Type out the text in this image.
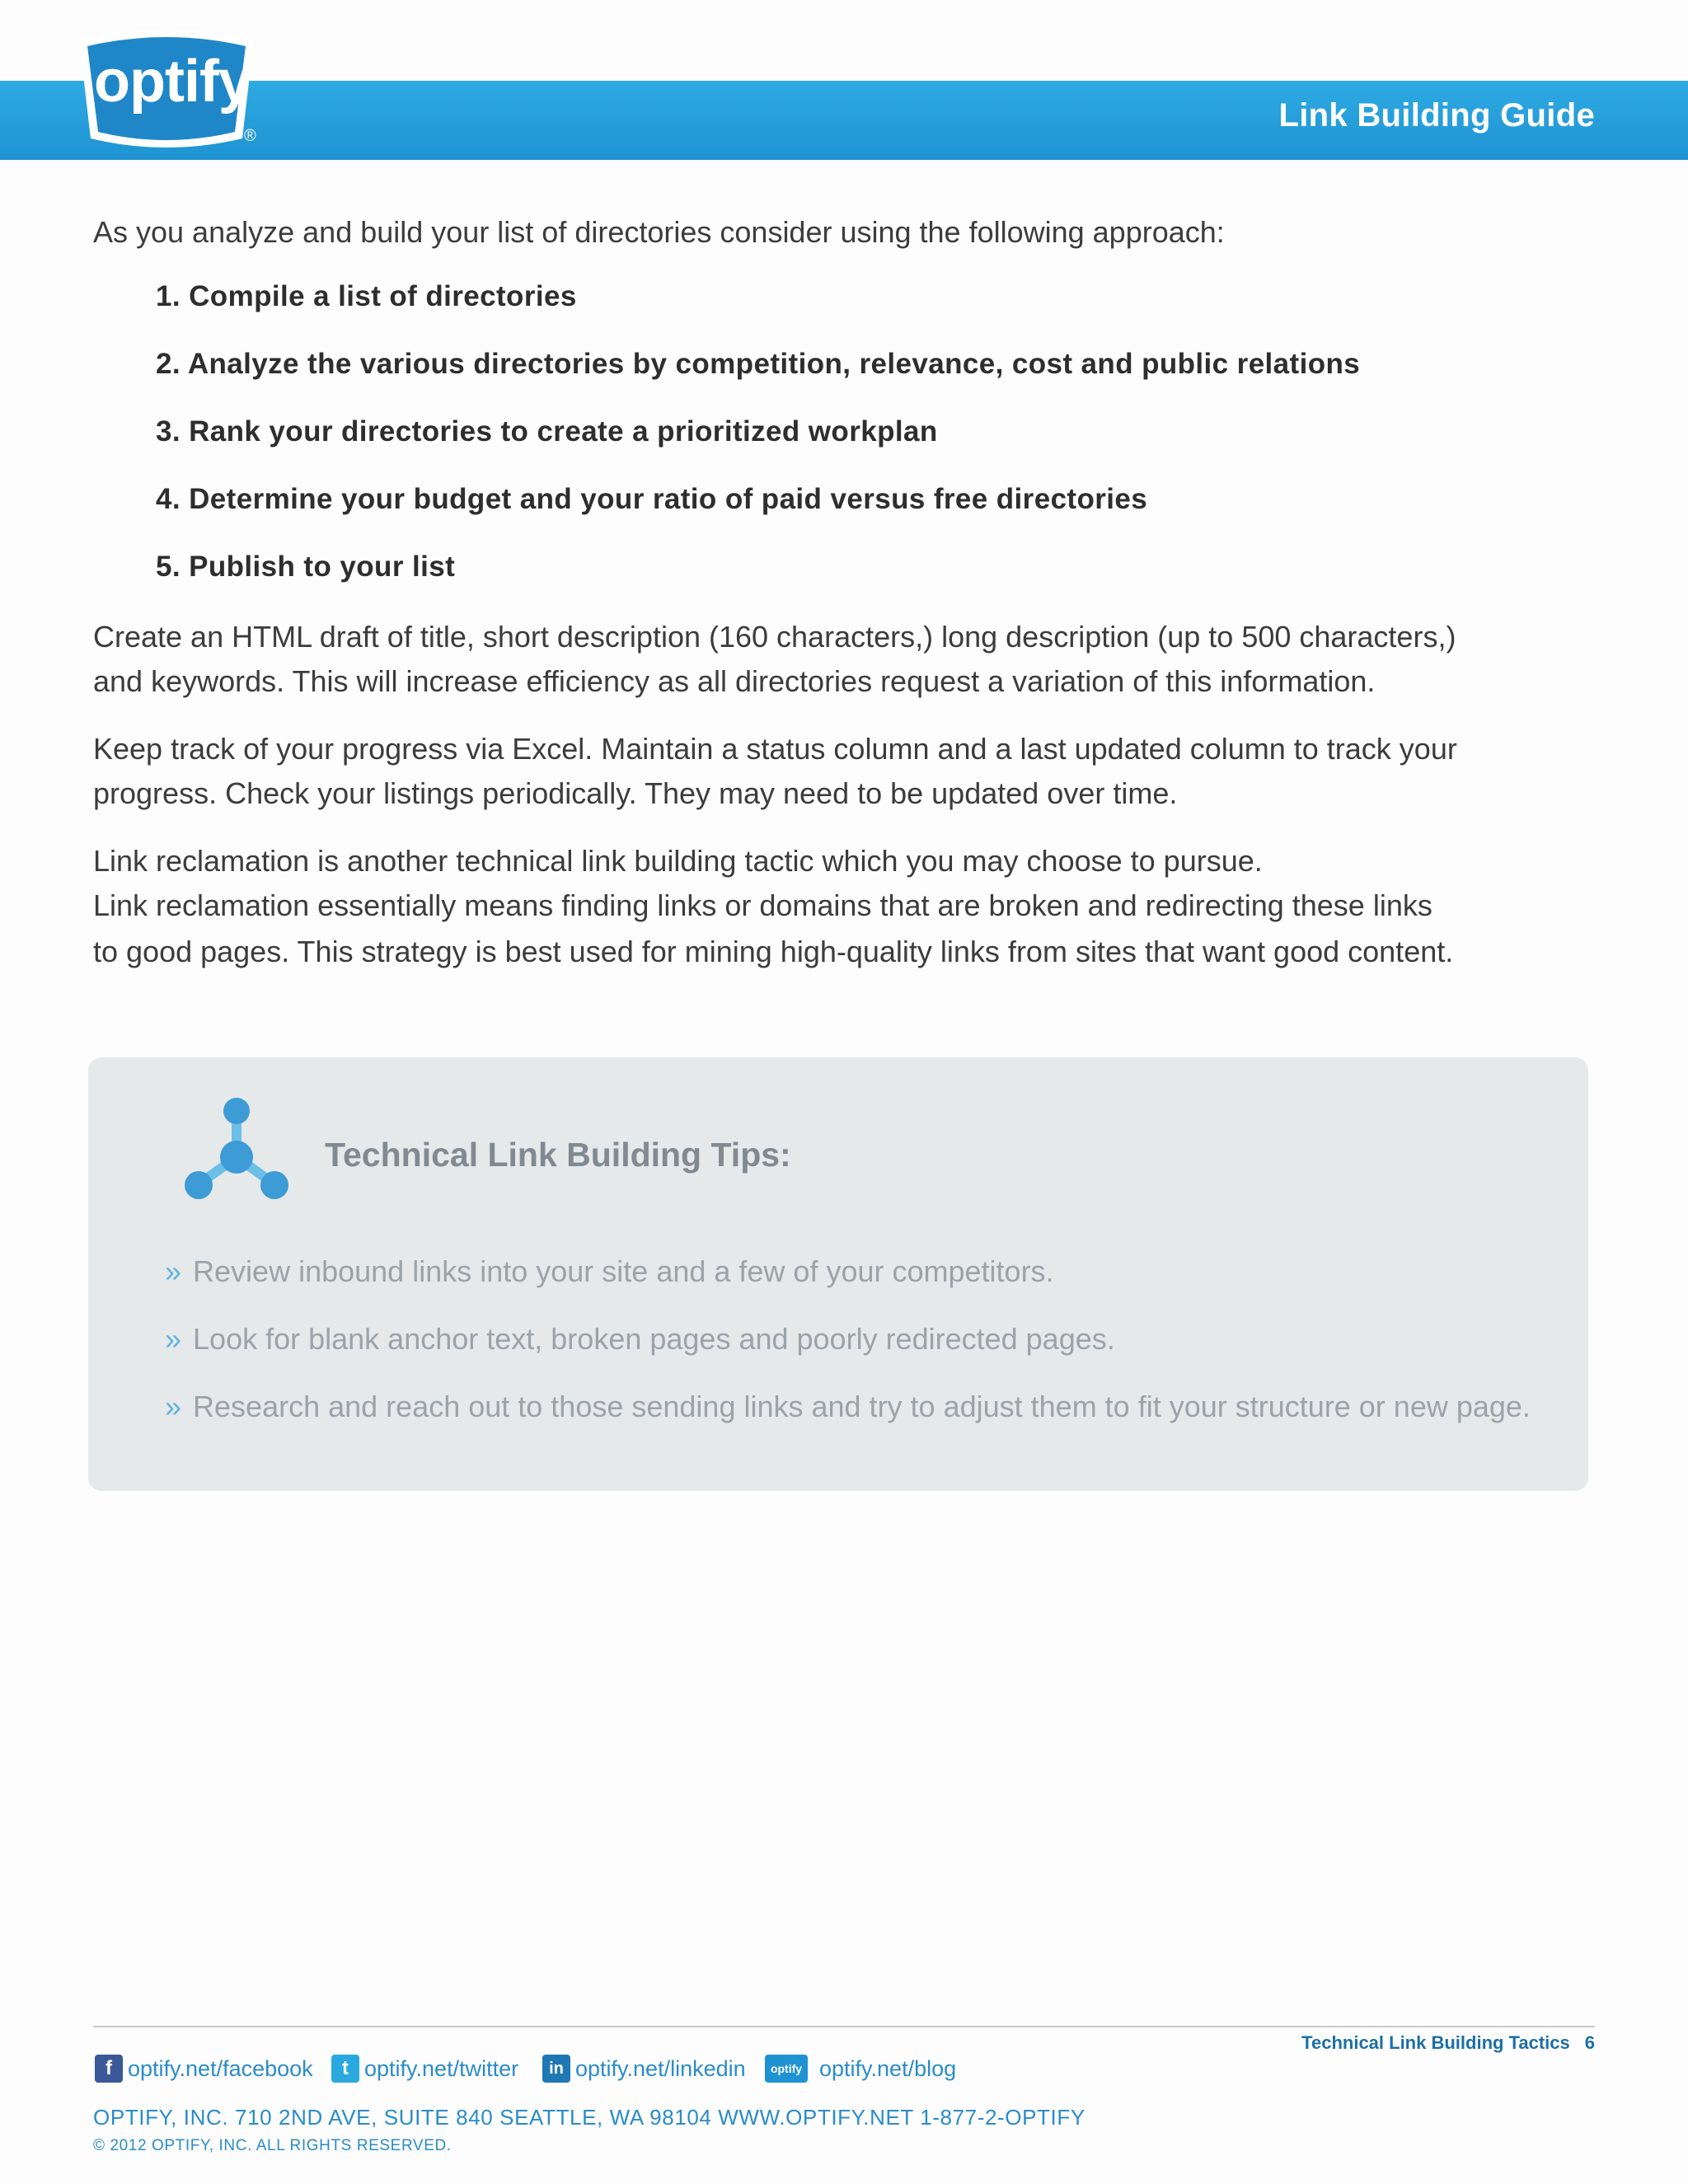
optify
®
Link Building Guide
As you analyze and build your list of directories consider using the following approach:
1. Compile a list of directories
2. Analyze the various directories by competition, relevance, cost and public relations
3. Rank your directories to create a prioritized workplan
4. Determine your budget and your ratio of paid versus free directories
5. Publish to your list
Create an HTML draft of title, short description (160 characters,) long description (up to 500 characters,)
and keywords. This will increase efficiency as all directories request a variation of this information.
Keep track of your progress via Excel. Maintain a status column and a last updated column to track your
progress. Check your listings periodically. They may need to be updated over time.
Link reclamation is another technical link building tactic which you may choose to pursue.
Link reclamation essentially means finding links or domains that are broken and redirecting these links
to good pages. This strategy is best used for mining high-quality links from sites that want good content.
Technical Link Building Tips:
» Review inbound links into your site and a few of your competitors.
» Look for blank anchor text, broken pages and poorly redirected pages.
» Research and reach out to those sending links and try to adjust them to fit your structure or new page.
Technical Link Building Tactics 6
f optify.net/facebook	t optify.net/twitter	in optify.net/linkedin	optify optify.net/blog
OPTIFY, INC. 710 2ND AVE, SUITE 840 SEATTLE, WA 98104 WWW.OPTIFY.NET 1-877-2-OPTIFY
© 2012 OPTIFY, INC. ALL RIGHTS RESERVED.
